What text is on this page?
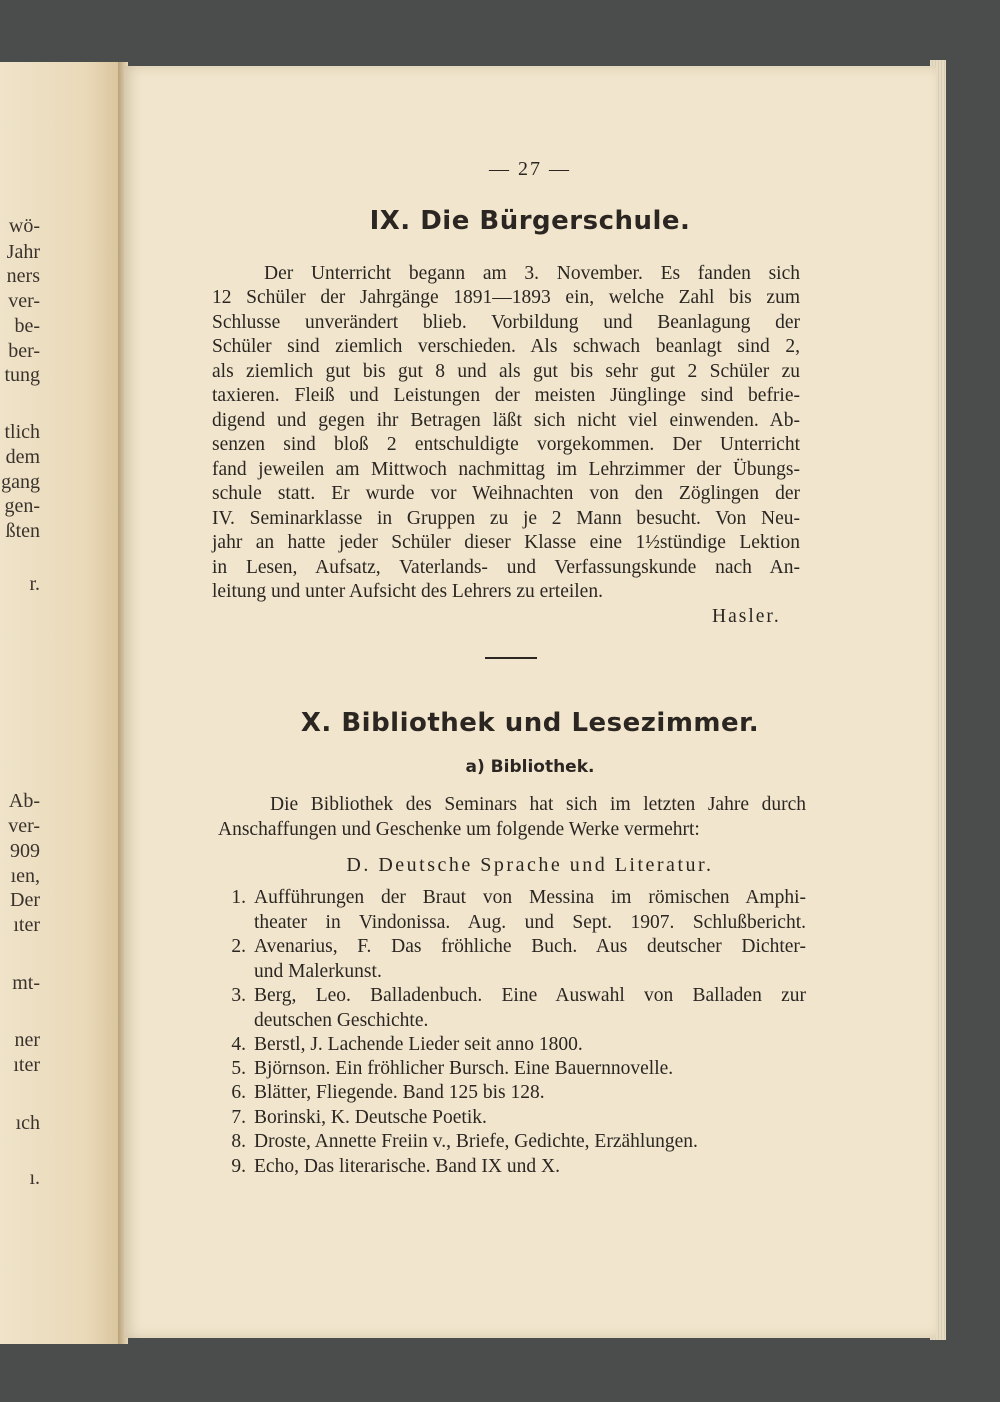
wö-
Jahr
ners
ver-
be-
ber-
tung
tlich
dem
gang
gen-
ßten
r.
Ab-
ver-
909
ıen,
Der
ıter
mt-
ner
ıter
ıch
ı.
— 27 —
IX. Die Bürgerschule.
Der Unterricht begann am 3. November. Es fanden sich
12 Schüler der Jahrgänge 1891—1893 ein, welche Zahl bis zum
Schlusse unverändert blieb. Vorbildung und Beanlagung der
Schüler sind ziemlich verschieden. Als schwach beanlagt sind 2,
als ziemlich gut bis gut 8 und als gut bis sehr gut 2 Schüler zu
taxieren. Fleiß und Leistungen der meisten Jünglinge sind befrie-
digend und gegen ihr Betragen läßt sich nicht viel einwenden. Ab-
senzen sind bloß 2 entschuldigte vorgekommen. Der Unterricht
fand jeweilen am Mittwoch nachmittag im Lehrzimmer der Übungs-
schule statt. Er wurde vor Weihnachten von den Zöglingen der
IV. Seminarklasse in Gruppen zu je 2 Mann besucht. Von Neu-
jahr an hatte jeder Schüler dieser Klasse eine 1½stündige Lektion
in Lesen, Aufsatz, Vaterlands- und Verfassungskunde nach An-
leitung und unter Aufsicht des Lehrers zu erteilen.
Hasler.
X. Bibliothek und Lesezimmer.
a) Bibliothek.
Die Bibliothek des Seminars hat sich im letzten Jahre durch
Anschaffungen und Geschenke um folgende Werke vermehrt:
D. Deutsche Sprache und Literatur.
1. Aufführungen der Braut von Messina im römischen Amphi-
theater in Vindonissa. Aug. und Sept. 1907. Schlußbericht.
2. Avenarius, F. Das fröhliche Buch. Aus deutscher Dichter-
und Malerkunst.
3. Berg, Leo. Balladenbuch. Eine Auswahl von Balladen zur
deutschen Geschichte.
4. Berstl, J. Lachende Lieder seit anno 1800.
5. Björnson. Ein fröhlicher Bursch. Eine Bauernnovelle.
6. Blätter, Fliegende. Band 125 bis 128.
7. Borinski, K. Deutsche Poetik.
8. Droste, Annette Freiin v., Briefe, Gedichte, Erzählungen.
9. Echo, Das literarische. Band IX und X.
